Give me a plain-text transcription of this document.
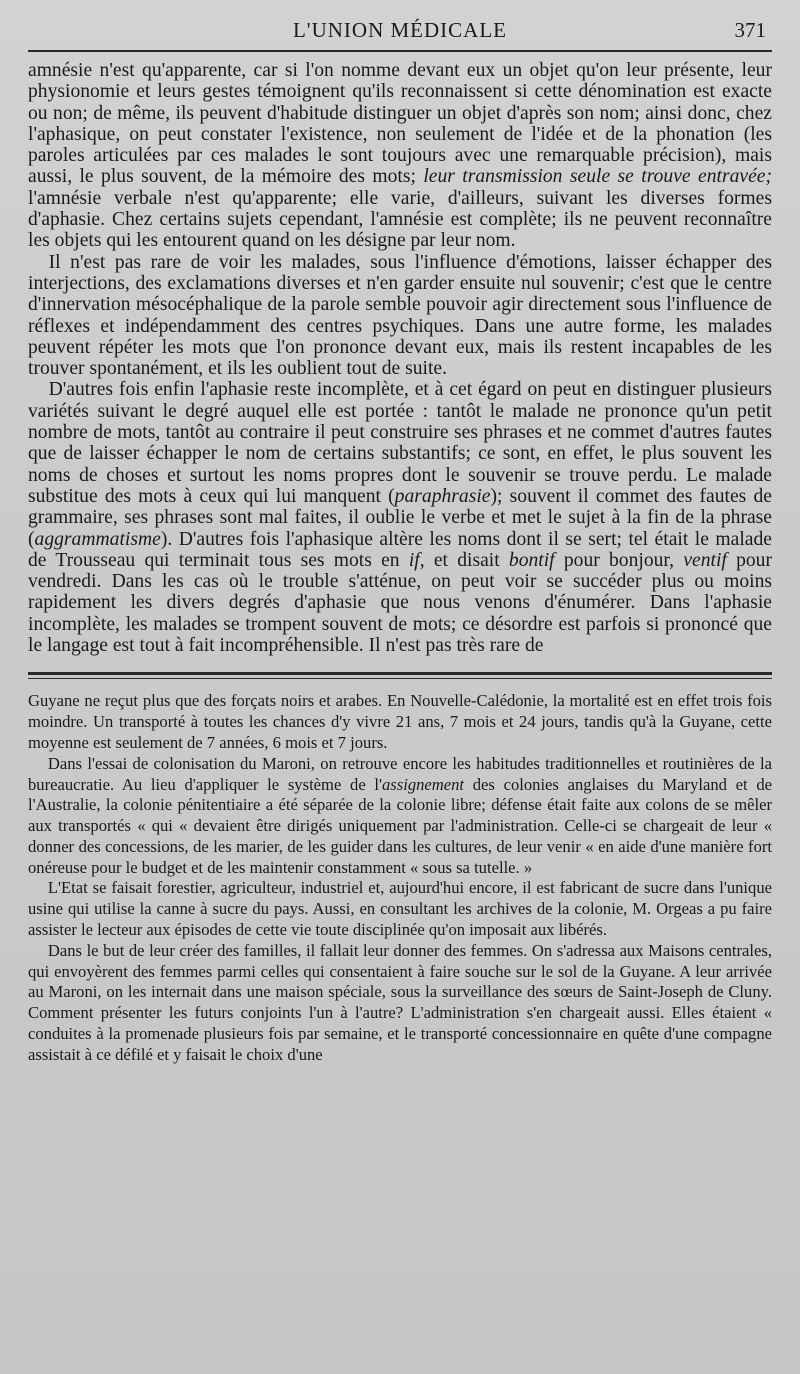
L'UNION MÉDICALE	371

amnésie n'est qu'apparente, car si l'on nomme devant eux un objet qu'on leur présente, leur physionomie et leurs gestes témoignent qu'ils reconnaissent si cette dénomination est exacte ou non; de même, ils peuvent d'habitude distinguer un objet d'après son nom; ainsi donc, chez l'aphasique, on peut constater l'existence, non seulement de l'idée et de la phonation (les paroles articulées par ces malades le sont toujours avec une remarquable précision), mais aussi, le plus souvent, de la mémoire des mots; leur transmission seule se trouve entravée; l'amnésie verbale n'est qu'apparente; elle varie, d'ailleurs, suivant les diverses formes d'aphasie. Chez certains sujets cependant, l'amnésie est complète; ils ne peuvent reconnaître les objets qui les entourent quand on les désigne par leur nom.

Il n'est pas rare de voir les malades, sous l'influence d'émotions, laisser échapper des interjections, des exclamations diverses et n'en garder ensuite nul souvenir; c'est que le centre d'innervation mésocéphalique de la parole semble pouvoir agir directement sous l'influence de réflexes et indépendamment des centres psychiques. Dans une autre forme, les malades peuvent répéter les mots que l'on prononce devant eux, mais ils restent incapables de les trouver spontanément, et ils les oublient tout de suite.

D'autres fois enfin l'aphasie reste incomplète, et à cet égard on peut en distinguer plusieurs variétés suivant le degré auquel elle est portée : tantôt le malade ne prononce qu'un petit nombre de mots, tantôt au contraire il peut construire ses phrases et ne commet d'autres fautes que de laisser échapper le nom de certains substantifs; ce sont, en effet, le plus souvent les noms de choses et surtout les noms propres dont le souvenir se trouve perdu. Le malade substitue des mots à ceux qui lui manquent (paraphrasie); souvent il commet des fautes de grammaire, ses phrases sont mal faites, il oublie le verbe et met le sujet à la fin de la phrase (aggrammatisme). D'autres fois l'aphasique altère les noms dont il se sert; tel était le malade de Trousseau qui terminait tous ses mots en if, et disait bontif pour bonjour, ventif pour vendredi. Dans les cas où le trouble s'atténue, on peut voir se succéder plus ou moins rapidement les divers degrés d'aphasie que nous venons d'énumérer. Dans l'aphasie incomplète, les malades se trompent souvent de mots; ce désordre est parfois si prononcé que le langage est tout à fait incompréhensible. Il n'est pas très rare de

Guyane ne reçut plus que des forçats noirs et arabes. En Nouvelle-Calédonie, la mortalité est en effet trois fois moindre. Un transporté à toutes les chances d'y vivre 21 ans, 7 mois et 24 jours, tandis qu'à la Guyane, cette moyenne est seulement de 7 années, 6 mois et 7 jours.

Dans l'essai de colonisation du Maroni, on retrouve encore les habitudes traditionnelles et routinières de la bureaucratie. Au lieu d'appliquer le système de l'assignement des colonies anglaises du Maryland et de l'Australie, la colonie pénitentiaire a été séparée de la colonie libre; défense était faite aux colons de se mêler aux transportés « qui « devaient être dirigés uniquement par l'administration. Celle-ci se chargeait de leur « donner des concessions, de les marier, de les guider dans les cultures, de leur venir « en aide d'une manière fort onéreuse pour le budget et de les maintenir constamment « sous sa tutelle. »

L'Etat se faisait forestier, agriculteur, industriel et, aujourd'hui encore, il est fabricant de sucre dans l'unique usine qui utilise la canne à sucre du pays. Aussi, en consultant les archives de la colonie, M. Orgeas a pu faire assister le lecteur aux épisodes de cette vie toute disciplinée qu'on imposait aux libérés.

Dans le but de leur créer des familles, il fallait leur donner des femmes. On s'adressa aux Maisons centrales, qui envoyèrent des femmes parmi celles qui consentaient à faire souche sur le sol de la Guyane. A leur arrivée au Maroni, on les internait dans une maison spéciale, sous la surveillance des sœurs de Saint-Joseph de Cluny. Comment présenter les futurs conjoints l'un à l'autre? L'administration s'en chargeait aussi. Elles étaient « conduites à la promenade plusieurs fois par semaine, et le transporté concessionnaire en quête d'une compagne assistait à ce défilé et y faisait le choix d'une
